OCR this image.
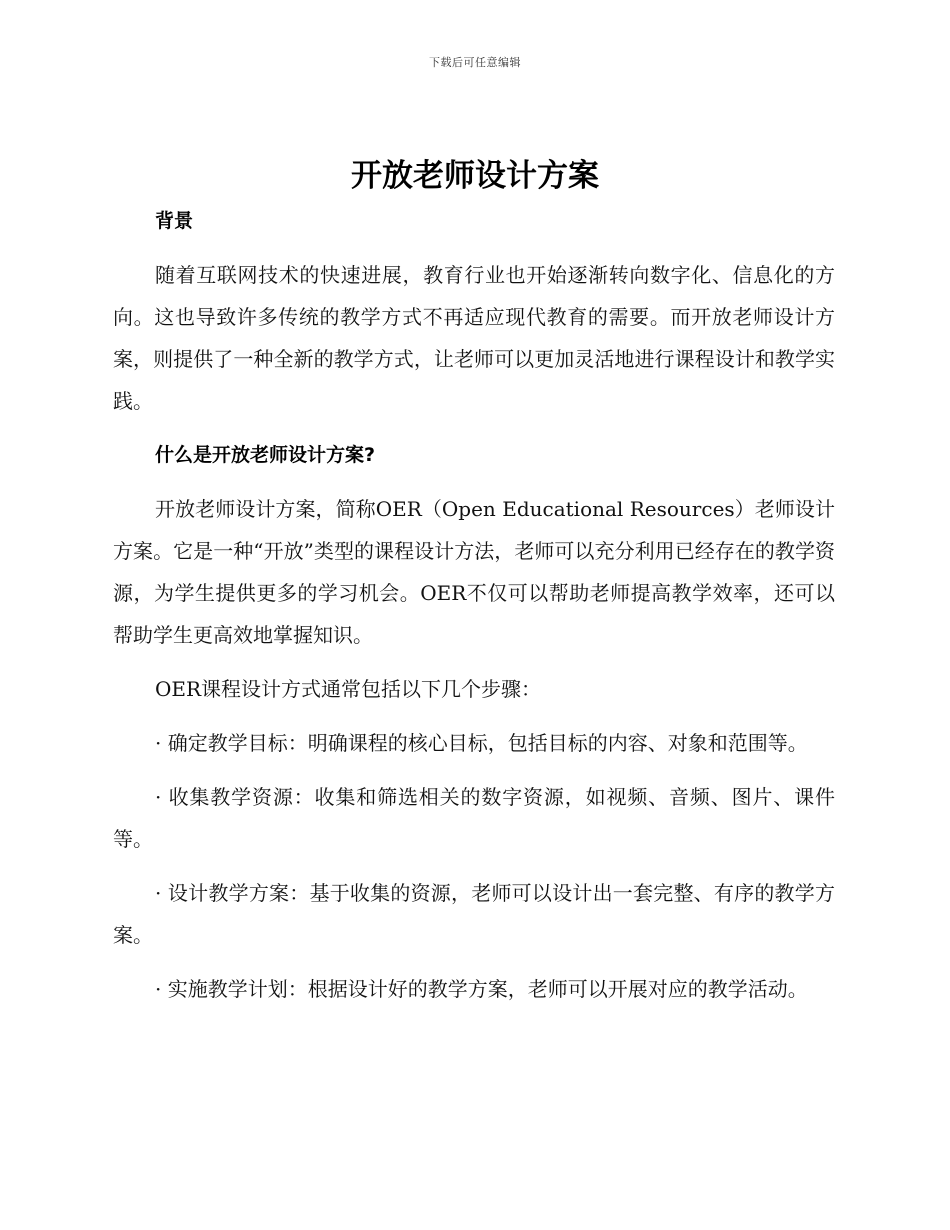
下载后可任意编辑
开放老师设计方案
背景

随着互联网技术的快速进展，教育行业也开始逐渐转向数字化、信息化的方向。这也导致许多传统的教学方式不再适应现代教育的需要。而开放老师设计方案，则提供了一种全新的教学方式，让老师可以更加灵活地进行课程设计和教学实践。

什么是开放老师设计方案?

开放老师设计方案，简称OER（Open Educational Resources）老师设计方案。它是一种“开放”类型的课程设计方法，老师可以充分利用已经存在的教学资源，为学生提供更多的学习机会。OER不仅可以帮助老师提高教学效率，还可以帮助学生更高效地掌握知识。

OER课程设计方式通常包括以下几个步骤：

· 确定教学目标：明确课程的核心目标，包括目标的内容、对象和范围等。

· 收集教学资源：收集和筛选相关的数字资源，如视频、音频、图片、课件等。

· 设计教学方案：基于收集的资源，老师可以设计出一套完整、有序的教学方案。

· 实施教学计划：根据设计好的教学方案，老师可以开展对应的教学活动。
